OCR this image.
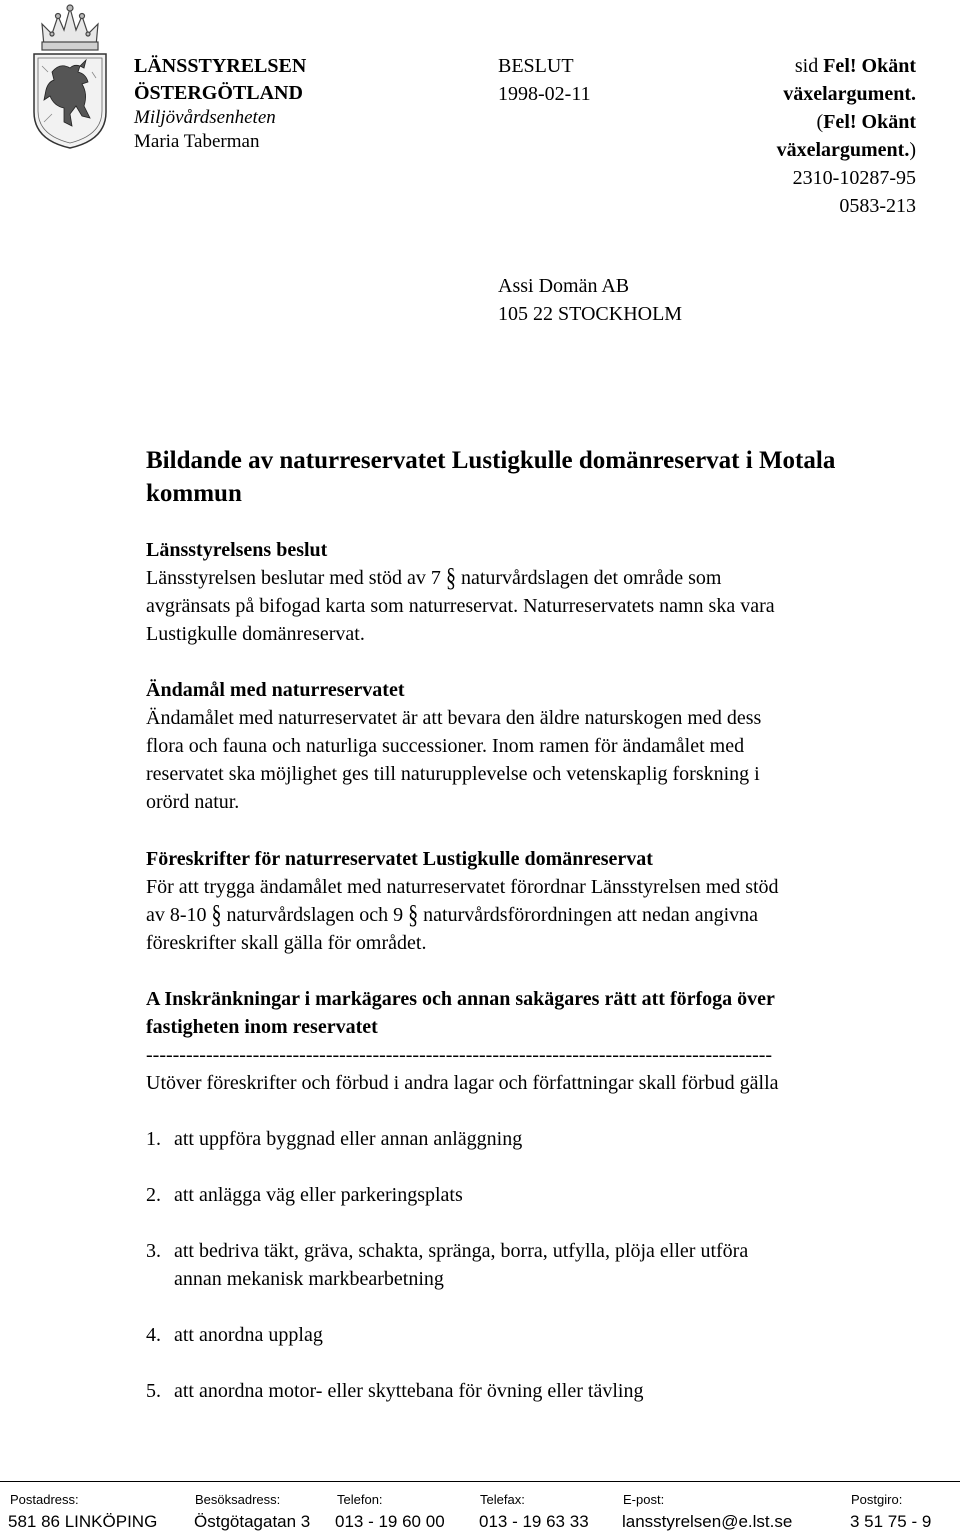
LÄNSSTYRELSEN
ÖSTERGÖTLAND
Miljövårdsenheten
Maria Taberman
BESLUT
1998-02-11
sid Fel! Okänt
växelargument.
(Fel! Okänt
växelargument.)
2310-10287-95
0583-213
Assi Domän AB
105 22 STOCKHOLM
Bildande av naturreservatet Lustigkulle domänreservat i Motala
kommun
Länsstyrelsens beslut
Länsstyrelsen beslutar med stöd av 7 § naturvårdslagen det område som
avgränsats på bifogad karta som naturreservat. Naturreservatets namn ska vara
Lustigkulle domänreservat.
Ändamål med naturreservatet
Ändamålet med naturreservatet är att bevara den äldre naturskogen med dess
flora och fauna och naturliga successioner. Inom ramen för ändamålet med
reservatet ska möjlighet ges till naturupplevelse och vetenskaplig forskning i
orörd natur.
Föreskrifter för naturreservatet Lustigkulle domänreservat
För att trygga ändamålet med naturreservatet förordnar Länsstyrelsen med stöd
av 8-10 § naturvårdslagen och 9 § naturvårdsförordningen att nedan angivna
föreskrifter skall gälla för området.
A Inskränkningar i markägares och annan sakägares rätt att förfoga över
fastigheten inom reservatet
----------------------------------------------------------------------------------------------
Utöver föreskrifter och förbud i andra lagar och författningar skall förbud gälla
1. att uppföra byggnad eller annan anläggning
2. att anlägga väg eller parkeringsplats
3. att bedriva täkt, gräva, schakta, spränga, borra, utfylla, plöja eller utföra
annan mekanisk markbearbetning
4. att anordna upplag
5. att anordna motor- eller skyttebana för övning eller tävling
Postadress:
581 86 LINKÖPING
Besöksadress:
Östgötagatan 3
Telefon:
013 - 19 60 00
Telefax:
013 - 19 63 33
E-post:
lansstyrelsen@e.lst.se
Postgiro:
3 51 75 - 9
